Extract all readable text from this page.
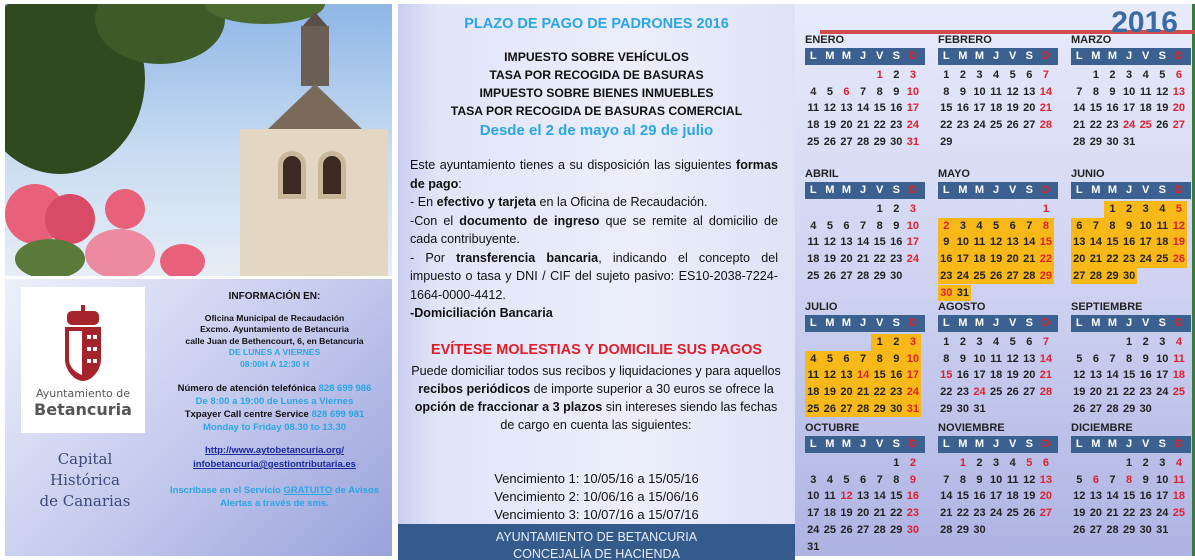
Ayuntamiento de
Betancuria
Capital
Histórica
de Canarias
INFORMACIÓN EN:
Oficina Municipal de Recaudación
Excmo. Ayuntamiento de Betancuria
calle Juan de Bethencourt, 6, en Betancuria
DE LUNES A VIERNES
08:00H A 12:30 H
Número de atención telefónica 828 699 986
De 8:00 a 19:00 de Lunes a Viernes
Txpayer Call centre Service 828 699 981
Monday to Friday 08.30 to 13.30
http://www.aytobetancuria.org/
infobetancuria@gestiontributaria.es
Inscríbase en el Servicio GRATUITO de Avisos Alertas a través de sms.
PLAZO DE PAGO DE PADRONES 2016
IMPUESTO SOBRE VEHÍCULOS
TASA POR RECOGIDA DE BASURAS
IMPUESTO SOBRE BIENES INMUEBLES
TASA POR RECOGIDA DE BASURAS COMERCIAL
Desde el 2 de mayo al 29 de julio
Este ayuntamiento tienes a su disposición las siguientes formas de pago:
- En efectivo y tarjeta en la Oficina de Recaudación.
-Con el documento de ingreso que se remite al domicilio de cada contribuyente.
- Por transferencia bancaria, indicando el concepto del impuesto o tasa y DNI / CIF del sujeto pasivo: ES10-2038-7224-1664-0000-4412.
-Domiciliación Bancaria
EVÍTESE MOLESTIAS Y DOMICILIE SUS PAGOS
Puede domiciliar todos sus recibos y liquidaciones y para aquellos recibos periódicos de importe superior a 30 euros se ofrece la opción de fraccionar a 3 plazos sin intereses siendo las fechas de cargo en cuenta las siguientes:
Vencimiento 1: 10/05/16 a 15/05/16
Vencimiento 2: 10/06/16 a 15/06/16
Vencimiento 3: 10/07/16 a 15/07/16
AYUNTAMIENTO DE BETANCURIA
CONCEJALÍA DE HACIENDA
2016
ENERO
L M M J V S D
1 2 3
4 5 6 7 8 9 10
11 12 13 14 15 16 17
18 19 20 21 22 23 24
25 26 27 28 29 30 31
FEBRERO
L M M J V S D
1 2 3 4 5 6 7
8 9 10 11 12 13 14
15 16 17 18 19 20 21
22 23 24 25 26 27 28
29
MARZO
L M M J V S D
1 2 3 4 5 6
7 8 9 10 11 12 13
14 15 16 17 18 19 20
21 22 23 24 25 26 27
28 29 30 31
ABRIL
L M M J V S D
1 2 3
4 5 6 7 8 9 10
11 12 13 14 15 16 17
18 19 20 21 22 23 24
25 26 27 28 29 30
MAYO
L M M J V S D
1
2 3 4 5 6 7 8
9 10 11 12 13 14 15
16 17 18 19 20 21 22
23 24 25 26 27 28 29
30 31
JUNIO
L M M J V S D
1 2 3 4 5
6 7 8 9 10 11 12
13 14 15 16 17 18 19
20 21 22 23 24 25 26
27 28 29 30
JULIO
L M M J V S D
1 2 3
4 5 6 7 8 9 10
11 12 13 14 15 16 17
18 19 20 21 22 23 24
25 26 27 28 29 30 31
AGOSTO
L M M J V S D
1 2 3 4 5 6 7
8 9 10 11 12 13 14
15 16 17 18 19 20 21
22 23 24 25 26 27 28
29 30 31
SEPTIEMBRE
L M M J V S D
1 2 3 4
5 6 7 8 9 10 11
12 13 14 15 16 17 18
19 20 21 22 23 24 25
26 27 28 29 30
OCTUBRE
L M M J V S D
1 2
3 4 5 6 7 8 9
10 11 12 13 14 15 16
17 18 19 20 21 22 23
24 25 26 27 28 29 30
31
NOVIEMBRE
L M M J V S D
1 2 3 4 5 6
7 8 9 10 11 12 13
14 15 16 17 18 19 20
21 22 23 24 25 26 27
28 29 30
DICIEMBRE
L M M J V S D
1 2 3 4
5 6 7 8 9 10 11
12 13 14 15 16 17 18
19 20 21 22 23 24 25
26 27 28 29 30 31
